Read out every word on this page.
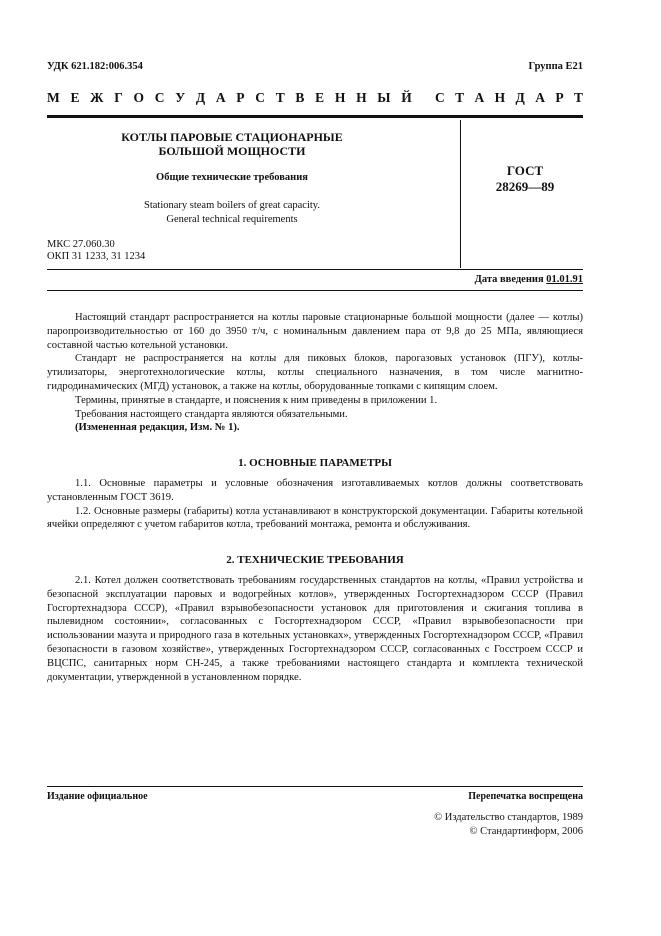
УДК 621.182:006.354	Группа Е21
М Е Ж Г О С У Д А Р С Т В Е Н Н Ы Й С Т А Н Д А Р Т
КОТЛЫ ПАРОВЫЕ СТАЦИОНАРНЫЕ
БОЛЬШОЙ МОЩНОСТИ
Общие технические требования
Stationary steam boilers of great capacity.
General technical requirements
ГОСТ
28269—89
МКС 27.060.30
ОКП 31 1233, 31 1234
Дата введения 01.01.91

Настоящий стандарт распространяется на котлы паровые стационарные большой мощности (далее — котлы) паропроизводительностью от 160 до 3950 т/ч, с номинальным давлением пара от 9,8 до 25 МПа, являющиеся составной частью котельной установки.

Стандарт не распространяется на котлы для пиковых блоков, парогазовых установок (ПГУ), котлы-утилизаторы, энерготехнологические котлы, котлы специального назначения, в том числе магнитно-гидродинамических (МГД) установок, а также на котлы, оборудованные топками с кипящим слоем.

Термины, принятые в стандарте, и пояснения к ним приведены в приложении 1.

Требования настоящего стандарта являются обязательными.

(Измененная редакция, Изм. № 1).

1. ОСНОВНЫЕ ПАРАМЕТРЫ

1.1. Основные параметры и условные обозначения изготавливаемых котлов должны соответствовать установленным ГОСТ 3619.

1.2. Основные размеры (габариты) котла устанавливают в конструкторской документации. Габариты котельной ячейки определяют с учетом габаритов котла, требований монтажа, ремонта и обслуживания.

2. ТЕХНИЧЕСКИЕ ТРЕБОВАНИЯ

2.1. Котел должен соответствовать требованиям государственных стандартов на котлы, «Правил устройства и безопасной эксплуатации паровых и водогрейных котлов», утвержденных Госгортехнадзором СССР (Правил Госгортехнадзора СССР), «Правил взрывобезопасности установок для приготовления и сжигания топлива в пылевидном состоянии», согласованных с Госгортехнадзором СССР, «Правил взрывобезопасности при использовании мазута и природного газа в котельных установках», утвержденных Госгортехнадзором СССР, «Правил безопасности в газовом хозяйстве», утвержденных Госгортехнадзором СССР, согласованных с Госстроем СССР и ВЦСПС, санитарных норм СН-245, а также требованиями настоящего стандарта и комплекта технической документации, утвержденной в установленном порядке.

Издание официальное	Перепечатка воспрещена
© Издательство стандартов, 1989
© Стандартинформ, 2006
